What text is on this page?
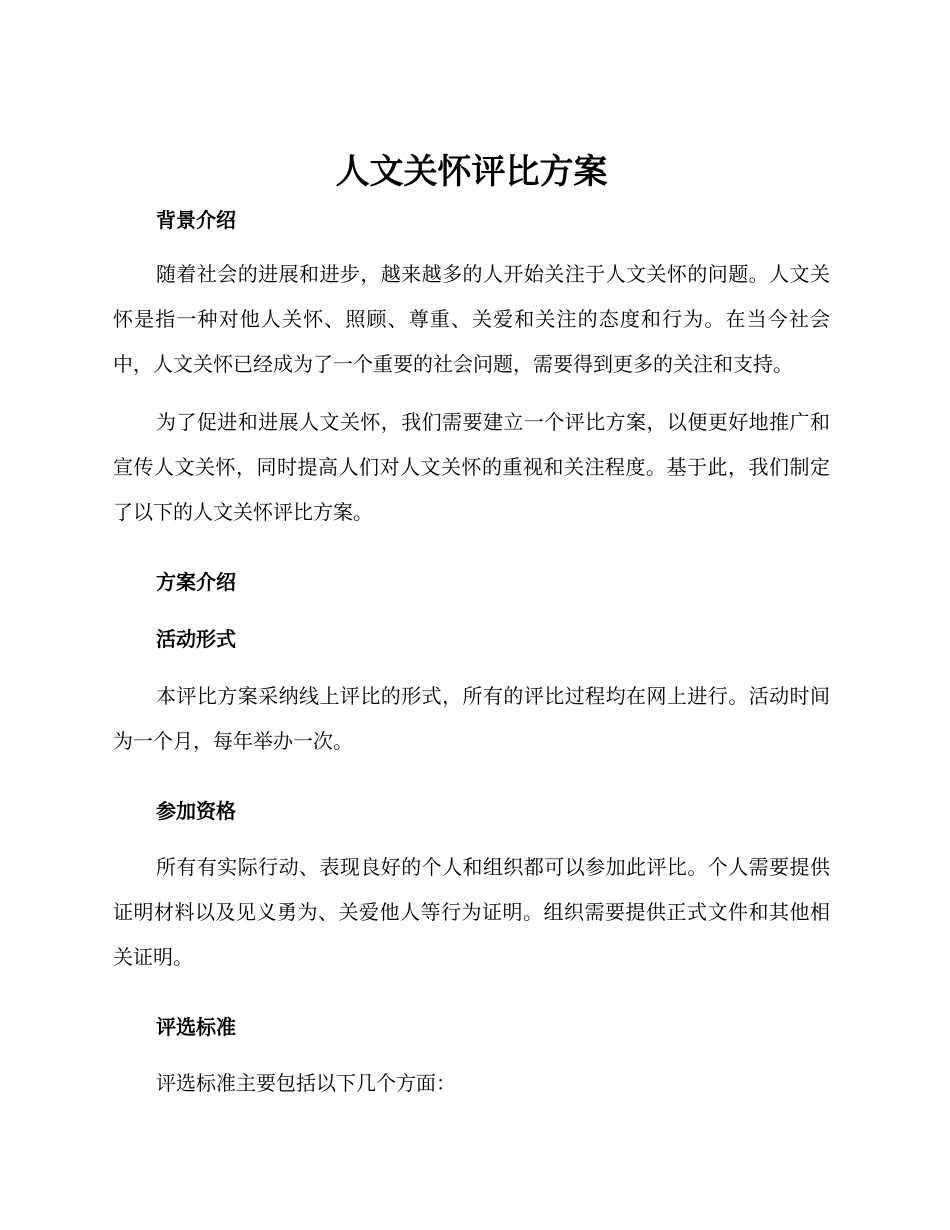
人文关怀评比方案
背景介绍

随着社会的进展和进步，越来越多的人开始关注于人文关怀的问题。人文关怀是指一种对他人关怀、照顾、尊重、关爱和关注的态度和行为。在当今社会中，人文关怀已经成为了一个重要的社会问题，需要得到更多的关注和支持。

为了促进和进展人文关怀，我们需要建立一个评比方案，以便更好地推广和宣传人文关怀，同时提高人们对人文关怀的重视和关注程度。基于此，我们制定了以下的人文关怀评比方案。

方案介绍
活动形式

本评比方案采纳线上评比的形式，所有的评比过程均在网上进行。活动时间为一个月，每年举办一次。

参加资格

所有有实际行动、表现良好的个人和组织都可以参加此评比。个人需要提供证明材料以及见义勇为、关爱他人等行为证明。组织需要提供正式文件和其他相关证明。

评选标准

评选标准主要包括以下几个方面：
